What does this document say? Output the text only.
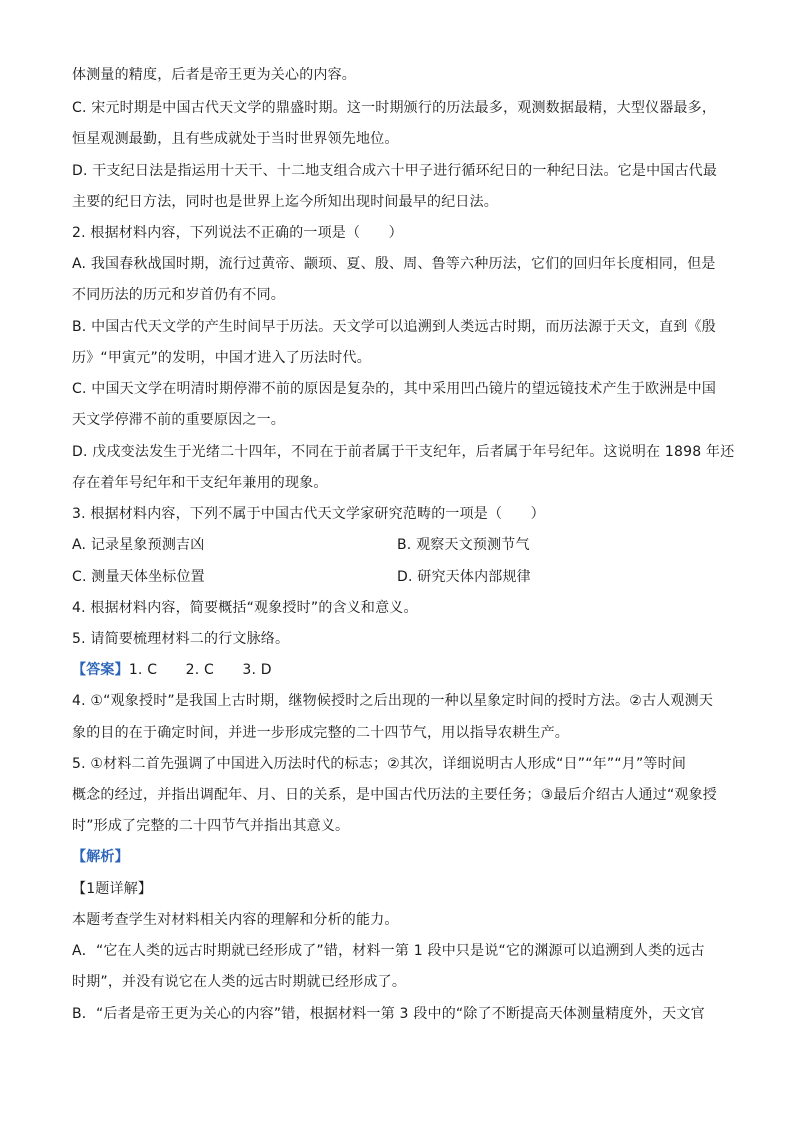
体测量的精度，后者是帝王更为关心的内容。
C. 宋元时期是中国古代天文学的鼎盛时期。这一时期颁行的历法最多，观测数据最精，大型仪器最多，
恒星观测最勤，且有些成就处于当时世界领先地位。
D. 干支纪日法是指运用十天干、十二地支组合成六十甲子进行循环纪日的一种纪日法。它是中国古代最
主要的纪日方法，同时也是世界上迄今所知出现时间最早的纪日法。
2. 根据材料内容，下列说法不正确的一项是（　　）
A. 我国春秋战国时期，流行过黄帝、颛顼、夏、殷、周、鲁等六种历法，它们的回归年长度相同，但是
不同历法的历元和岁首仍有不同。
B. 中国古代天文学的产生时间早于历法。天文学可以追溯到人类远古时期，而历法源于天文，直到《殷
历》“甲寅元”的发明，中国才进入了历法时代。
C. 中国天文学在明清时期停滞不前的原因是复杂的，其中采用凹凸镜片的望远镜技术产生于欧洲是中国
天文学停滞不前的重要原因之一。
D. 戊戌变法发生于光绪二十四年，不同在于前者属于干支纪年，后者属于年号纪年。这说明在 1898 年还
存在着年号纪年和干支纪年兼用的现象。
3. 根据材料内容，下列不属于中国古代天文学家研究范畴的一项是（　　）
A. 记录星象预测吉凶	B. 观察天文预测节气
C. 测量天体坐标位置	D. 研究天体内部规律
4. 根据材料内容，简要概括“观象授时”的含义和意义。
5. 请简要梳理材料二的行文脉络。
【答案】1. C　　2. C　　3. D
4. ①“观象授时”是我国上古时期，继物候授时之后出现的一种以星象定时间的授时方法。②古人观测天
象的目的在于确定时间，并进一步形成完整的二十四节气，用以指导农耕生产。
5. ①材料二首先强调了中国进入历法时代的标志；②其次，详细说明古人形成“日”“年”“月”等时间
概念的经过，并指出调配年、月、日的关系，是中国古代历法的主要任务；③最后介绍古人通过“观象授
时”形成了完整的二十四节气并指出其意义。
【解析】
【1题详解】
本题考查学生对材料相关内容的理解和分析的能力。
A．“它在人类的远古时期就已经形成了”错，材料一第 1 段中只是说“它的渊源可以追溯到人类的远古
时期”，并没有说它在人类的远古时期就已经形成了。
B．“后者是帝王更为关心的内容”错，根据材料一第 3 段中的“除了不断提高天体测量精度外，天文官
